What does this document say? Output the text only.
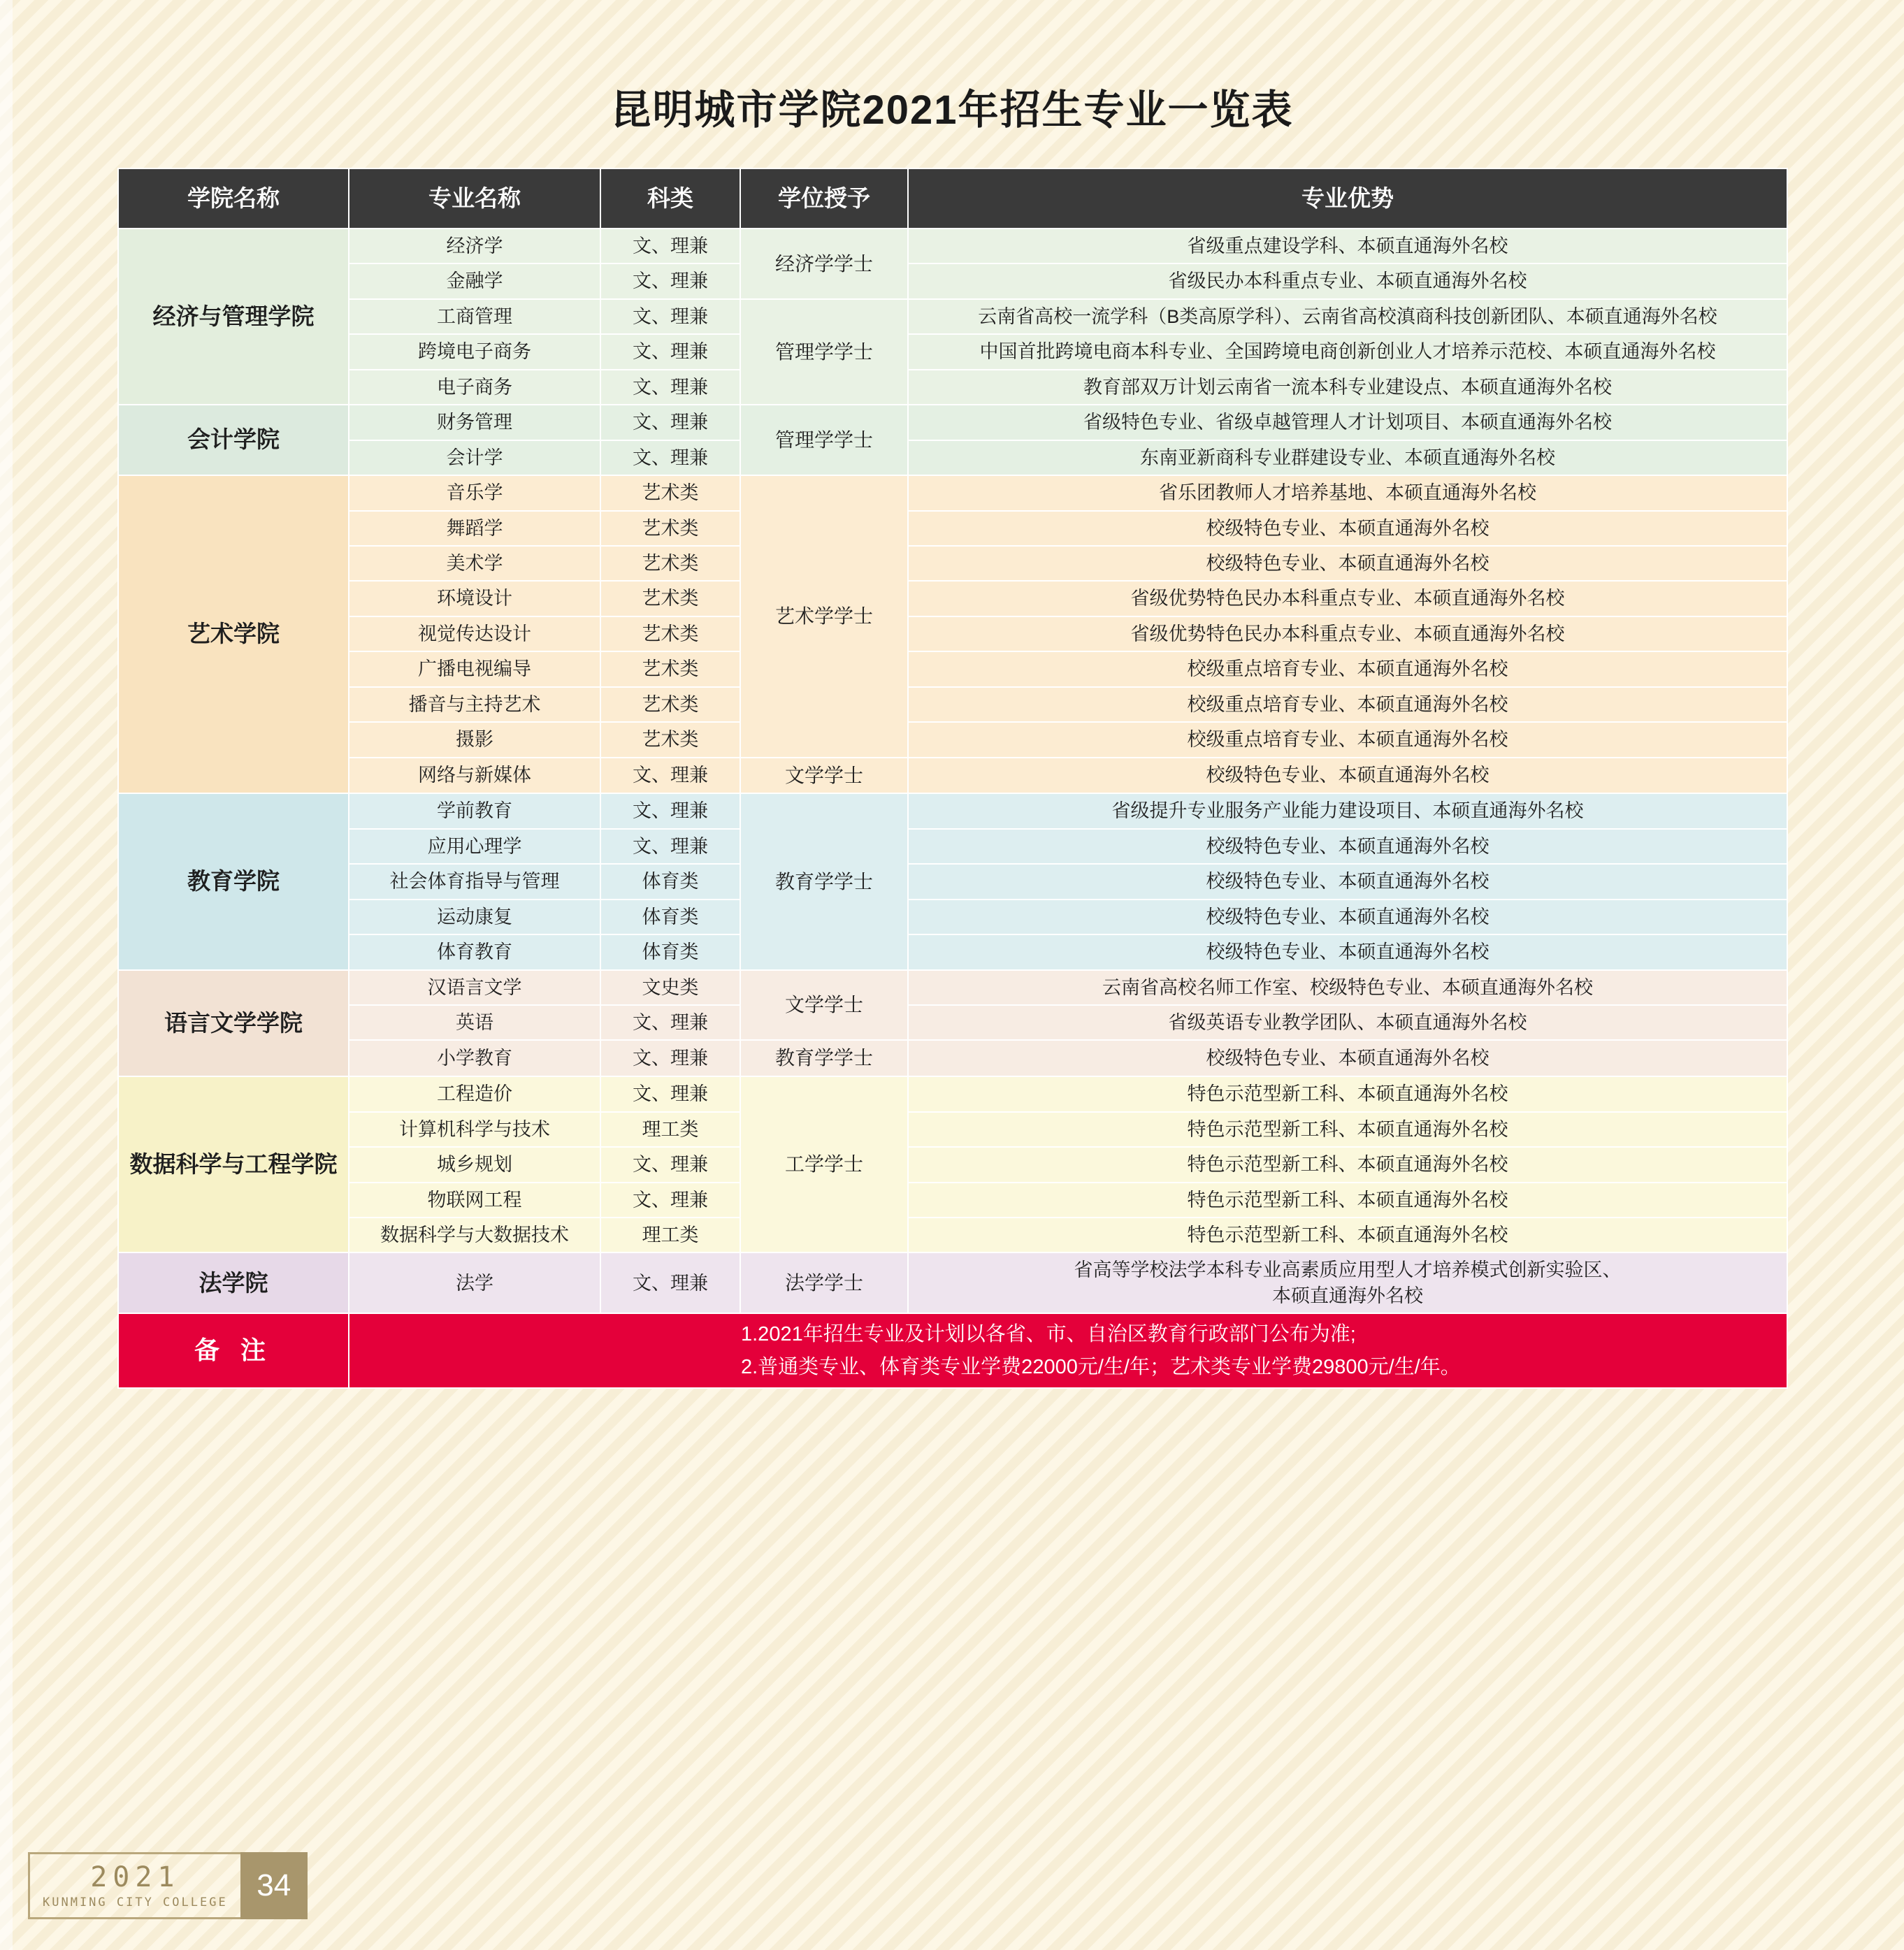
昆明城市学院2021年招生专业一览表
学院名称	专业名称	科类	学位授予	专业优势
经济与管理学院	经济学	文、理兼	经济学学士	省级重点建设学科、本硕直通海外名校
	金融学	文、理兼		省级民办本科重点专业、本硕直通海外名校
	工商管理	文、理兼	管理学学士	云南省高校一流学科（B类高原学科）、云南省高校滇商科技创新团队、本硕直通海外名校
	跨境电子商务	文、理兼		中国首批跨境电商本科专业、全国跨境电商创新创业人才培养示范校、本硕直通海外名校
	电子商务	文、理兼		教育部双万计划云南省一流本科专业建设点、本硕直通海外名校
会计学院	财务管理	文、理兼	管理学学士	省级特色专业、省级卓越管理人才计划项目、本硕直通海外名校
	会计学	文、理兼		东南亚新商科专业群建设专业、本硕直通海外名校
艺术学院	音乐学	艺术类	艺术学学士	省乐团教师人才培养基地、本硕直通海外名校
	舞蹈学	艺术类		校级特色专业、本硕直通海外名校
	美术学	艺术类		校级特色专业、本硕直通海外名校
	环境设计	艺术类		省级优势特色民办本科重点专业、本硕直通海外名校
	视觉传达设计	艺术类		省级优势特色民办本科重点专业、本硕直通海外名校
	广播电视编导	艺术类		校级重点培育专业、本硕直通海外名校
	播音与主持艺术	艺术类		校级重点培育专业、本硕直通海外名校
	摄影	艺术类		校级重点培育专业、本硕直通海外名校
	网络与新媒体	文、理兼	文学学士	校级特色专业、本硕直通海外名校
教育学院	学前教育	文、理兼	教育学学士	省级提升专业服务产业能力建设项目、本硕直通海外名校
	应用心理学	文、理兼		校级特色专业、本硕直通海外名校
	社会体育指导与管理	体育类		校级特色专业、本硕直通海外名校
	运动康复	体育类		校级特色专业、本硕直通海外名校
	体育教育	体育类		校级特色专业、本硕直通海外名校
语言文学学院	汉语言文学	文史类	文学学士	云南省高校名师工作室、校级特色专业、本硕直通海外名校
	英语	文、理兼		省级英语专业教学团队、本硕直通海外名校
	小学教育	文、理兼	教育学学士	校级特色专业、本硕直通海外名校
数据科学与工程学院	工程造价	文、理兼	工学学士	特色示范型新工科、本硕直通海外名校
	计算机科学与技术	理工类		特色示范型新工科、本硕直通海外名校
	城乡规划	文、理兼		特色示范型新工科、本硕直通海外名校
	物联网工程	文、理兼		特色示范型新工科、本硕直通海外名校
	数据科学与大数据技术	理工类		特色示范型新工科、本硕直通海外名校
法学院	法学	文、理兼	法学学士	省高等学校法学本科专业高素质应用型人才培养模式创新实验区、
本硕直通海外名校
备 注	1.2021年招生专业及计划以各省、市、自治区教育行政部门公布为准;
2.普通类专业、体育类专业学费22000元/生/年；艺术类专业学费29800元/生/年。			
2021
KUNMING CITY COLLEGE 34
